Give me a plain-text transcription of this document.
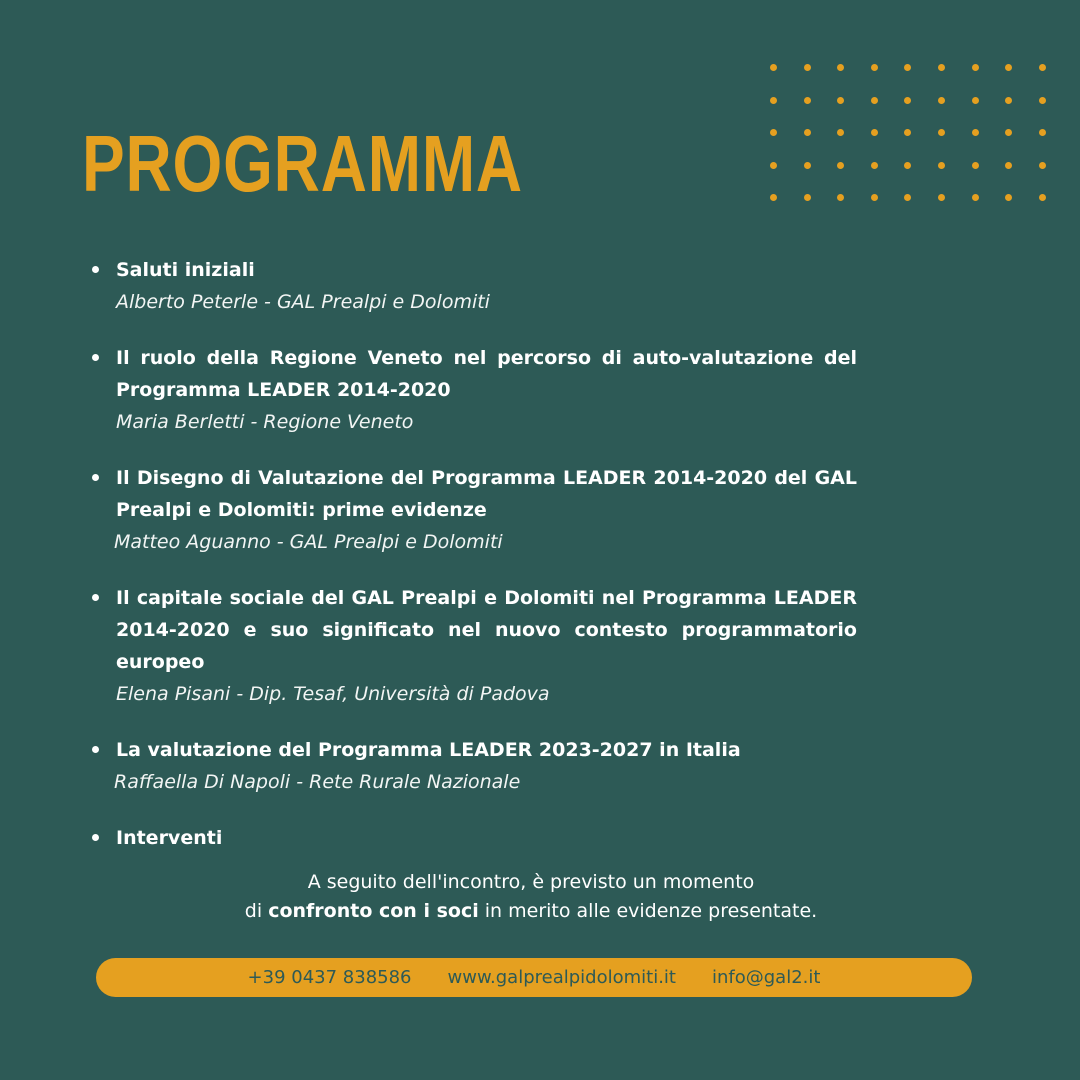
PROGRAMMA

Saluti iniziali

Alberto Peterle - GAL Prealpi e Dolomiti

Il ruolo della Regione Veneto nel percorso di auto-valutazione del Programma LEADER 2014-2020

Maria Berletti - Regione Veneto

Il Disegno di Valutazione del Programma LEADER 2014-2020 del GAL Prealpi e Dolomiti: prime evidenze

Matteo Aguanno - GAL Prealpi e Dolomiti

Il capitale sociale del GAL Prealpi e Dolomiti nel Programma LEADER 2014-2020 e suo significato nel nuovo contesto programmatorio europeo

Elena Pisani - Dip. Tesaf, Università di Padova

La valutazione del Programma LEADER 2023-2027 in Italia

Raffaella Di Napoli - Rete Rurale Nazionale

Interventi

A seguito dell'incontro, è previsto un momento
di confronto con i soci in merito alle evidenze presentate.
+39 0437 838586 www.galprealpidolomiti.it info@gal2.it
